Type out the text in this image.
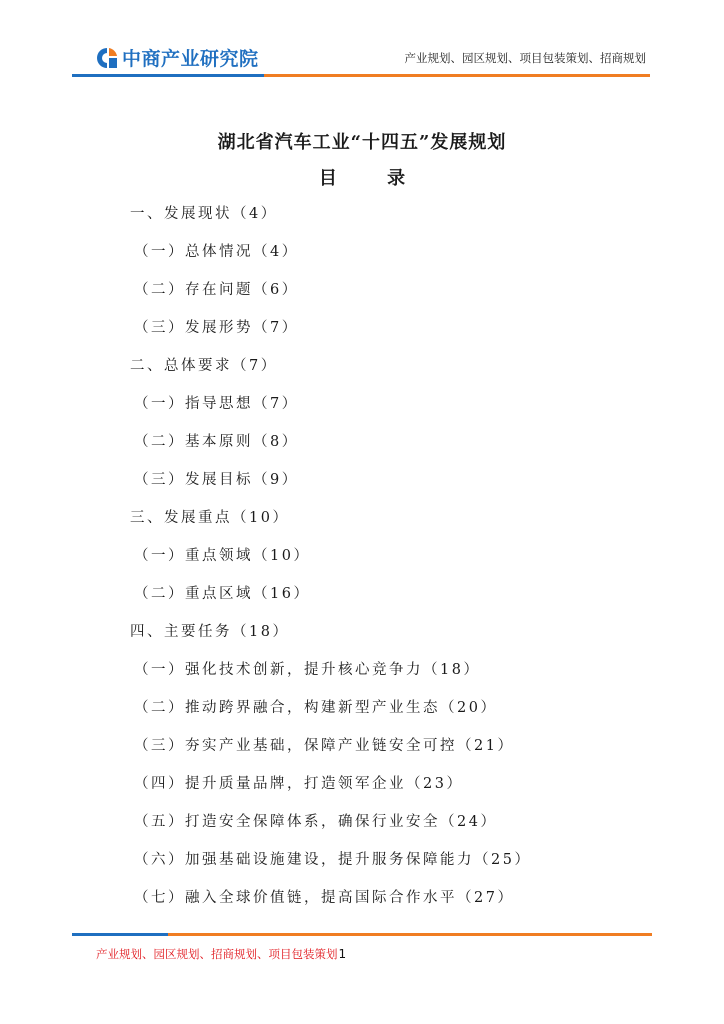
中商产业研究院	产业规划、园区规划、项目包装策划、招商规划
湖北省汽车工业“十四五”发展规划
目 录
一、发展现状（4）
（一）总体情况（4）
（二）存在问题（6）
（三）发展形势（7）
二、总体要求（7）
（一）指导思想（7）
（二）基本原则（8）
（三）发展目标（9）
三、发展重点（10）
（一）重点领域（10）
（二）重点区域（16）
四、主要任务（18）
（一）强化技术创新，提升核心竞争力（18）
（二）推动跨界融合，构建新型产业生态（20）
（三）夯实产业基础，保障产业链安全可控（21）
（四）提升质量品牌，打造领军企业（23）
（五）打造安全保障体系，确保行业安全（24）
（六）加强基础设施建设，提升服务保障能力（25）
（七）融入全球价值链，提高国际合作水平（27）
产业规划、园区规划、招商规划、项目包装策划 1
